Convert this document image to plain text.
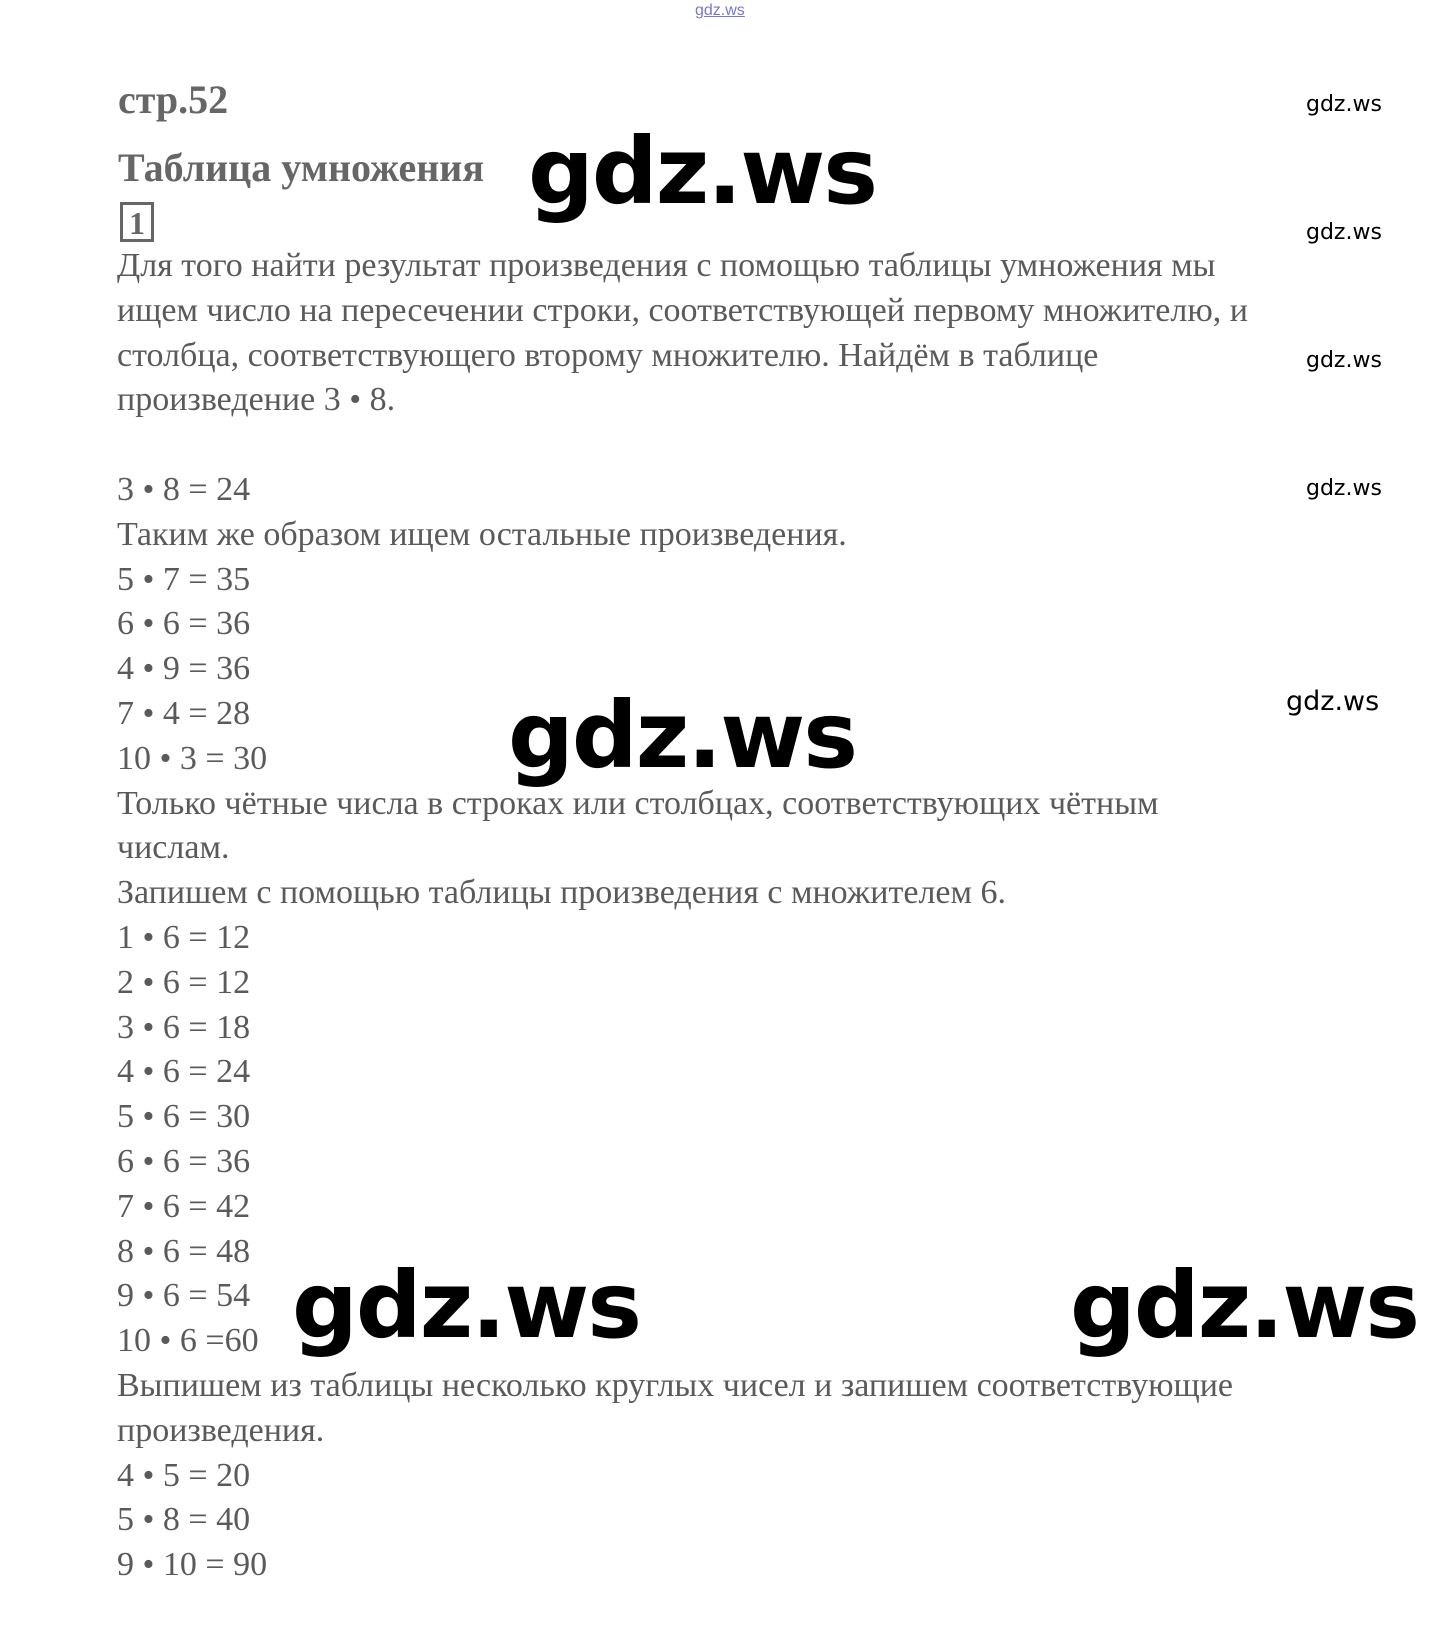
gdz.ws
стр.52
Таблица умножения
1
Для того найти результат произведения с помощью таблицы умножения мы
ищем число на пересечении строки, соответствующей первому множителю, и
столбца, соответствующего второму множителю. Найдём в таблице
произведение 3 • 8.
3 • 8 = 24
Таким же образом ищем остальные произведения.
5 • 7 = 35
6 • 6 = 36
4 • 9 = 36
7 • 4 = 28
10 • 3 = 30
Только чётные числа в строках или столбцах, соответствующих чётным
числам.
Запишем с помощью таблицы произведения с множителем 6.
1 • 6 = 12
2 • 6 = 12
3 • 6 = 18
4 • 6 = 24
5 • 6 = 30
6 • 6 = 36
7 • 6 = 42
8 • 6 = 48
9 • 6 = 54
10 • 6 =60
Выпишем из таблицы несколько круглых чисел и запишем соответствующие
произведения.
4 • 5 = 20
5 • 8 = 40
9 • 10 = 90
gdz.ws
gdz.ws
gdz.ws	gdz.ws
gdz.ws
gdz.ws
gdz.ws
gdz.ws
gdz.ws
